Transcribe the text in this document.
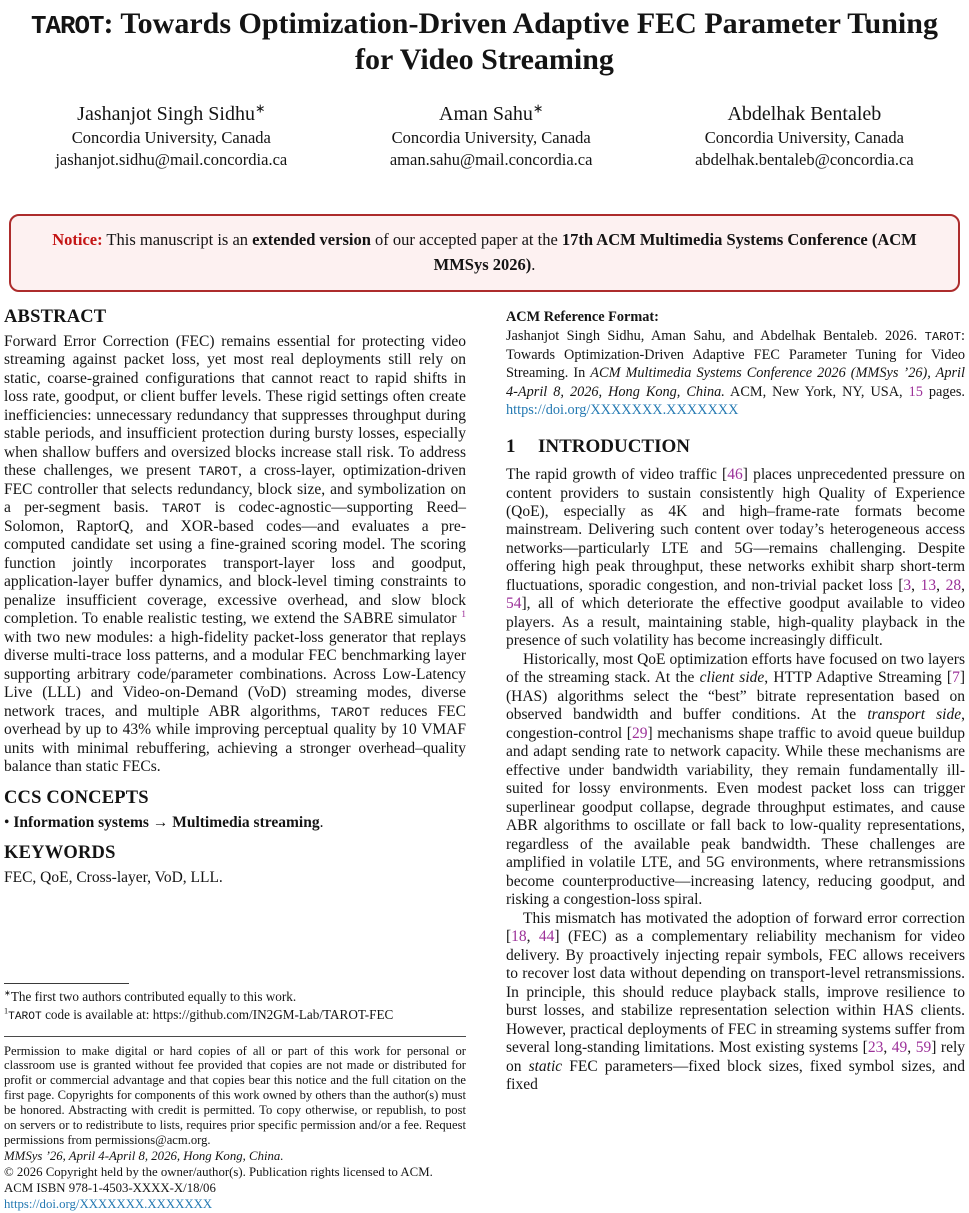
TAROT: Towards Optimization-Driven Adaptive FEC Parameter Tuning for Video Streaming
Jashanjot Singh Sidhu∗
Concordia University, Canada
jashanjot.sidhu@mail.concordia.ca
Aman Sahu∗
Concordia University, Canada
aman.sahu@mail.concordia.ca
Abdelhak Bentaleb
Concordia University, Canada
abdelhak.bentaleb@concordia.ca
Notice: This manuscript is an extended version of our accepted paper at the 17th ACM Multimedia Systems Conference (ACM MMSys 2026).
ABSTRACT

Forward Error Correction (FEC) remains essential for protecting video streaming against packet loss, yet most real deployments still rely on static, coarse-grained configurations that cannot react to rapid shifts in loss rate, goodput, or client buffer levels. These rigid settings often create inefficiencies: unnecessary redundancy that suppresses throughput during stable periods, and insufficient protection during bursty losses, especially when shallow buffers and oversized blocks increase stall risk. To address these challenges, we present TAROT, a cross-layer, optimization-driven FEC controller that selects redundancy, block size, and symbolization on a per-segment basis. TAROT is codec-agnostic—supporting Reed–Solomon, RaptorQ, and XOR-based codes—and evaluates a pre-computed candidate set using a fine-grained scoring model. The scoring function jointly incorporates transport-layer loss and goodput, application-layer buffer dynamics, and block-level timing constraints to penalize insufficient coverage, excessive overhead, and slow block completion. To enable realistic testing, we extend the SABRE simulator $^1$ with two new modules: a high-fidelity packet-loss generator that replays diverse multi-trace loss patterns, and a modular FEC benchmarking layer supporting arbitrary code/parameter combinations. Across Low-Latency Live (LLL) and Video-on-Demand (VoD) streaming modes, diverse network traces, and multiple ABR algorithms, TAROT reduces FEC overhead by up to 43% while improving perceptual quality by 10 VMAF units with minimal rebuffering, achieving a stronger overhead–quality balance than static FECs.

CCS CONCEPTS

• Information systems → Multimedia streaming.

KEYWORDS

FEC, QoE, Cross-layer, VoD, LLL.

∗The first two authors contributed equally to this work.

$^1$TAROT code is available at: https://github.com/IN2GM-Lab/TAROT-FEC

Permission to make digital or hard copies of all or part of this work for personal or classroom use is granted without fee provided that copies are not made or distributed for profit or commercial advantage and that copies bear this notice and the full citation on the first page. Copyrights for components of this work owned by others than the author(s) must be honored. Abstracting with credit is permitted. To copy otherwise, or republish, to post on servers or to redistribute to lists, requires prior specific permission and/or a fee. Request permissions from permissions@acm.org.

MMSys ’26, April 4-April 8, 2026, Hong Kong, China.

© 2026 Copyright held by the owner/author(s). Publication rights licensed to ACM.

ACM ISBN 978-1-4503-XXXX-X/18/06

https://doi.org/XXXXXXX.XXXXXXX

ACM Reference Format:

Jashanjot Singh Sidhu, Aman Sahu, and Abdelhak Bentaleb. 2026. TAROT: Towards Optimization-Driven Adaptive FEC Parameter Tuning for Video Streaming. In ACM Multimedia Systems Conference 2026 (MMSys ’26), April 4-April 8, 2026, Hong Kong, China. ACM, New York, NY, USA, 15 pages. https://doi.org/XXXXXXX.XXXXXXX

1 INTRODUCTION

The rapid growth of video traffic [46] places unprecedented pressure on content providers to sustain consistently high Quality of Experience (QoE), especially as 4K and high–frame-rate formats become mainstream. Delivering such content over today’s heterogeneous access networks—particularly LTE and 5G—remains challenging. Despite offering high peak throughput, these networks exhibit sharp short-term fluctuations, sporadic congestion, and non-trivial packet loss [3, 13, 28, 54], all of which deteriorate the effective goodput available to video players. As a result, maintaining stable, high-quality playback in the presence of such volatility has become increasingly difficult.

Historically, most QoE optimization efforts have focused on two layers of the streaming stack. At the client side, HTTP Adaptive Streaming [7] (HAS) algorithms select the “best” bitrate representation based on observed bandwidth and buffer conditions. At the transport side, congestion-control [29] mechanisms shape traffic to avoid queue buildup and adapt sending rate to network capacity. While these mechanisms are effective under bandwidth variability, they remain fundamentally ill-suited for lossy environments. Even modest packet loss can trigger superlinear goodput collapse, degrade throughput estimates, and cause ABR algorithms to oscillate or fall back to low-quality representations, regardless of the available peak bandwidth. These challenges are amplified in volatile LTE, and 5G environments, where retransmissions become counterproductive—increasing latency, reducing goodput, and risking a congestion-loss spiral.

This mismatch has motivated the adoption of forward error correction [18, 44] (FEC) as a complementary reliability mechanism for video delivery. By proactively injecting repair symbols, FEC allows receivers to recover lost data without depending on transport-level retransmissions. In principle, this should reduce playback stalls, improve resilience to burst losses, and stabilize representation selection within HAS clients. However, practical deployments of FEC in streaming systems suffer from several long-standing limitations. Most existing systems [23, 49, 59] rely on static FEC parameters—fixed block sizes, fixed symbol sizes, and fixed
